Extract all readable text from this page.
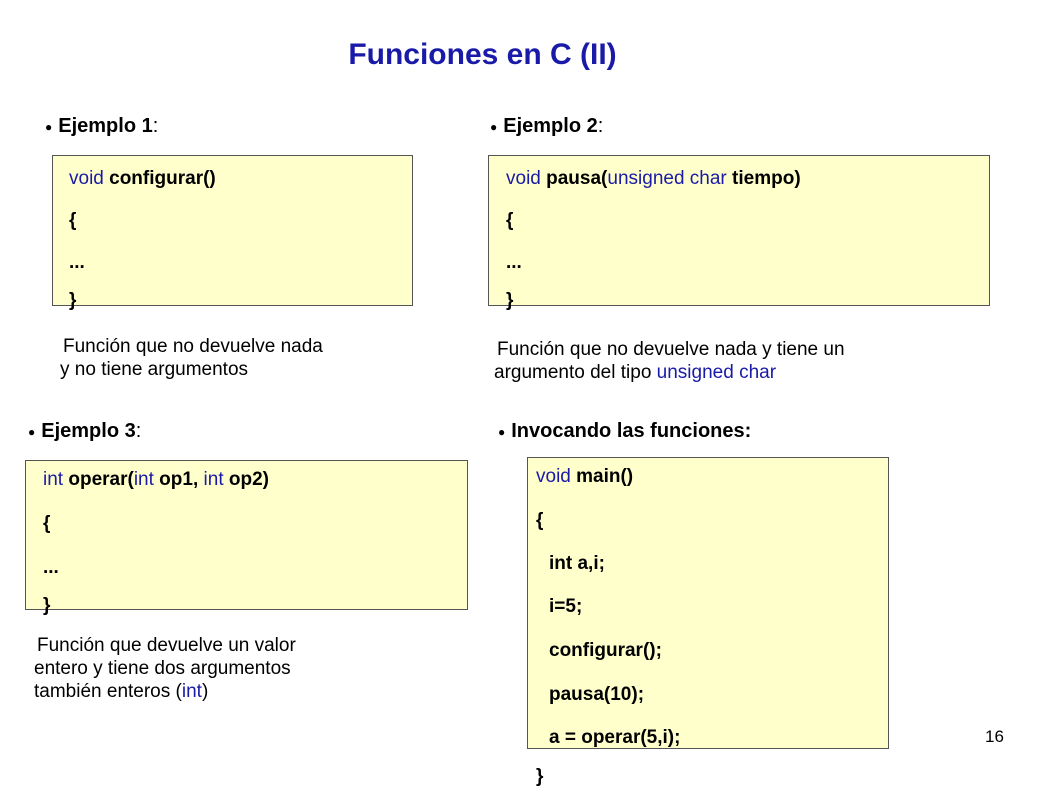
Funciones en C (II)
● Ejemplo 1:
void configurar()
{
...
}
Función que no devuelve nada
y no tiene argumentos
● Ejemplo 2:
void pausa(unsigned char tiempo)
{
...
}
Función que no devuelve nada y tiene un
argumento del tipo unsigned char
● Ejemplo 3:
int operar(int op1, int op2)
{
...
}
Función que devuelve un valor
entero y tiene dos argumentos
también enteros (int)
● Invocando las funciones:
void main()
{
int a,i;
i=5;
configurar();
pausa(10);
a = operar(5,i);
}
16
